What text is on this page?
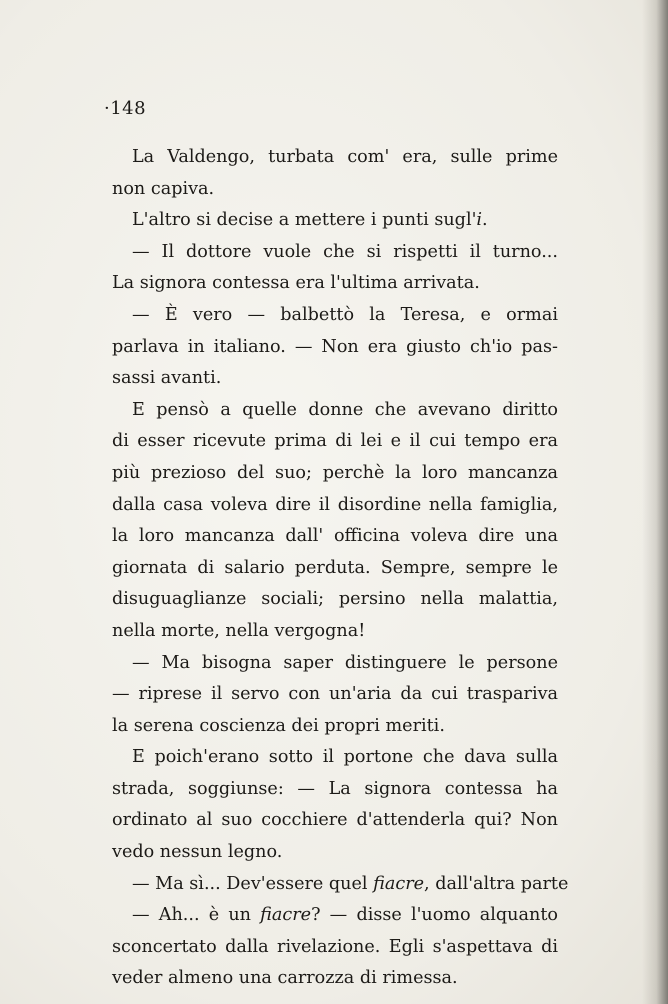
·148
La Valdengo, turbata com' era, sulle prime
non capiva.
L'altro si decise a mettere i punti sugl'i.
— Il dottore vuole che si rispetti il turno...
La signora contessa era l'ultima arrivata.
— È vero — balbettò la Teresa, e ormai
parlava in italiano. — Non era giusto ch'io pas-
sassi avanti.
E pensò a quelle donne che avevano diritto
di esser ricevute prima di lei e il cui tempo era
più prezioso del suo; perchè la loro mancanza
dalla casa voleva dire il disordine nella famiglia,
la loro mancanza dall' officina voleva dire una
giornata di salario perduta. Sempre, sempre le
disuguaglianze sociali; persino nella malattia,
nella morte, nella vergogna!
— Ma bisogna saper distinguere le persone
— riprese il servo con un'aria da cui traspariva
la serena coscienza dei propri meriti.
E poich'erano sotto il portone che dava sulla
strada, soggiunse: — La signora contessa ha
ordinato al suo cocchiere d'attenderla qui? Non
vedo nessun legno.
— Ma sì... Dev'essere quel fiacre, dall'altra parte
— Ah... è un fiacre? — disse l'uomo alquanto
sconcertato dalla rivelazione. Egli s'aspettava di
veder almeno una carrozza di rimessa.
